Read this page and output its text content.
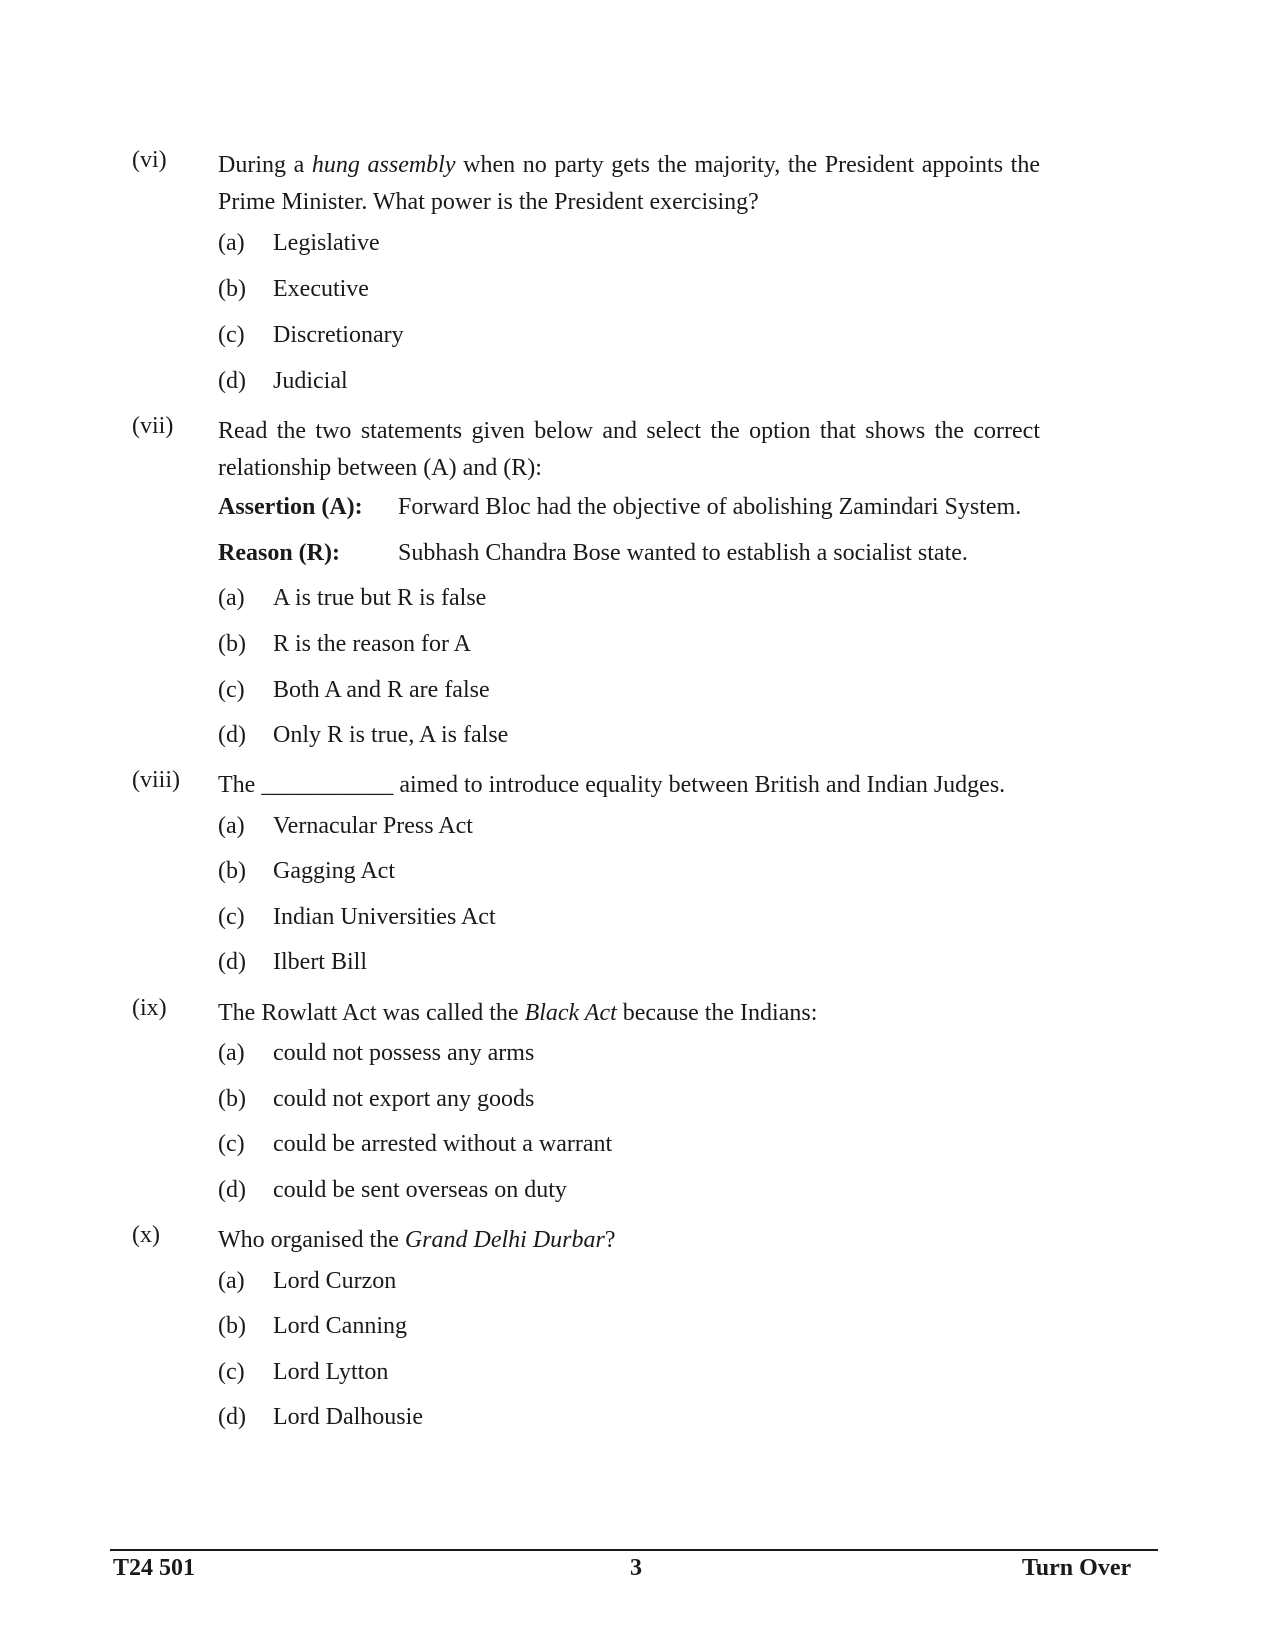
(vi) During a hung assembly when no party gets the majority, the President appoints the Prime Minister. What power is the President exercising?
(a) Legislative
(b) Executive
(c) Discretionary
(d) Judicial
(vii) Read the two statements given below and select the option that shows the correct relationship between (A) and (R):
Assertion (A): Forward Bloc had the objective of abolishing Zamindari System.
Reason (R): Subhash Chandra Bose wanted to establish a socialist state.
(a) A is true but R is false
(b) R is the reason for A
(c) Both A and R are false
(d) Only R is true, A is false
(viii) The ___________ aimed to introduce equality between British and Indian Judges.
(a) Vernacular Press Act
(b) Gagging Act
(c) Indian Universities Act
(d) Ilbert Bill
(ix) The Rowlatt Act was called the Black Act because the Indians:
(a) could not possess any arms
(b) could not export any goods
(c) could be arrested without a warrant
(d) could be sent overseas on duty
(x) Who organised the Grand Delhi Durbar?
(a) Lord Curzon
(b) Lord Canning
(c) Lord Lytton
(d) Lord Dalhousie
T24 501	3	Turn Over
